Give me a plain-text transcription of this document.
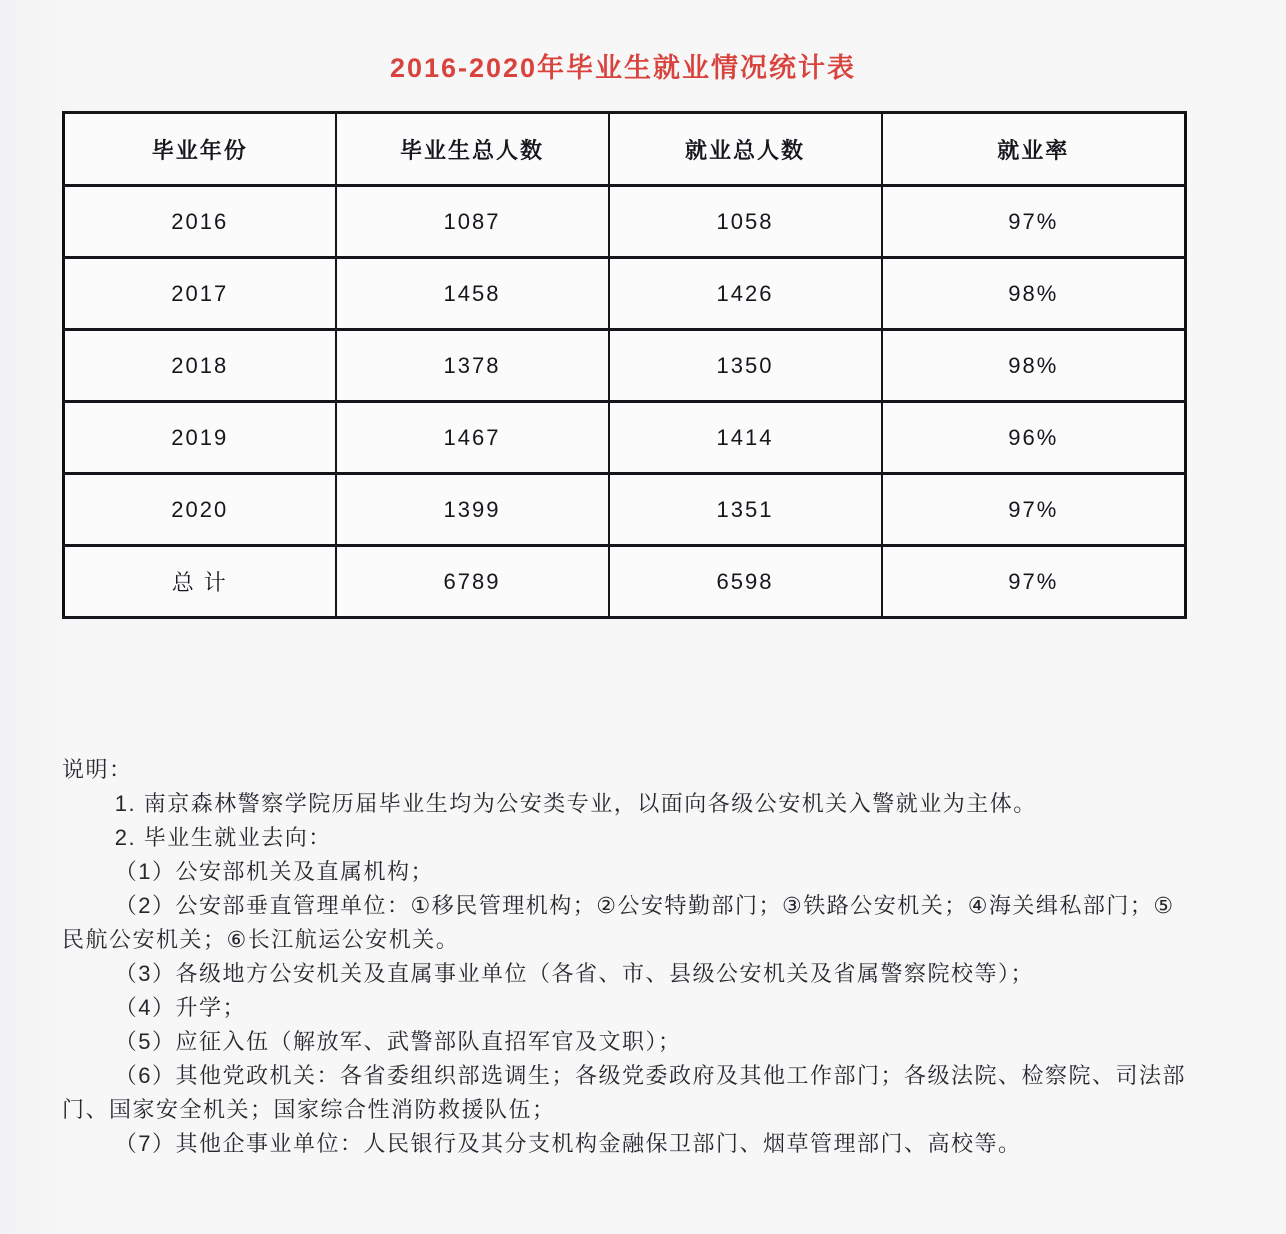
2016-2020年毕业生就业情况统计表
毕业年份	毕业生总人数	就业总人数	就业率
2016	1087	1058	97%
2017	1458	1426	98%
2018	1378	1350	98%
2019	1467	1414	96%
2020	1399	1351	97%
总 计	6789	6598	97%

说明：

1. 南京森林警察学院历届毕业生均为公安类专业，以面向各级公安机关入警就业为主体。

2. 毕业生就业去向：

（1）公安部机关及直属机构；

（2）公安部垂直管理单位：①移民管理机构；②公安特勤部门；③铁路公安机关；④海关缉私部门；⑤民航公安机关；⑥长江航运公安机关。

（3）各级地方公安机关及直属事业单位（各省、市、县级公安机关及省属警察院校等）；

（4）升学；

（5）应征入伍（解放军、武警部队直招军官及文职）；

（6）其他党政机关：各省委组织部选调生；各级党委政府及其他工作部门；各级法院、检察院、司法部门、国家安全机关；国家综合性消防救援队伍；

（7）其他企事业单位：人民银行及其分支机构金融保卫部门、烟草管理部门、高校等。
